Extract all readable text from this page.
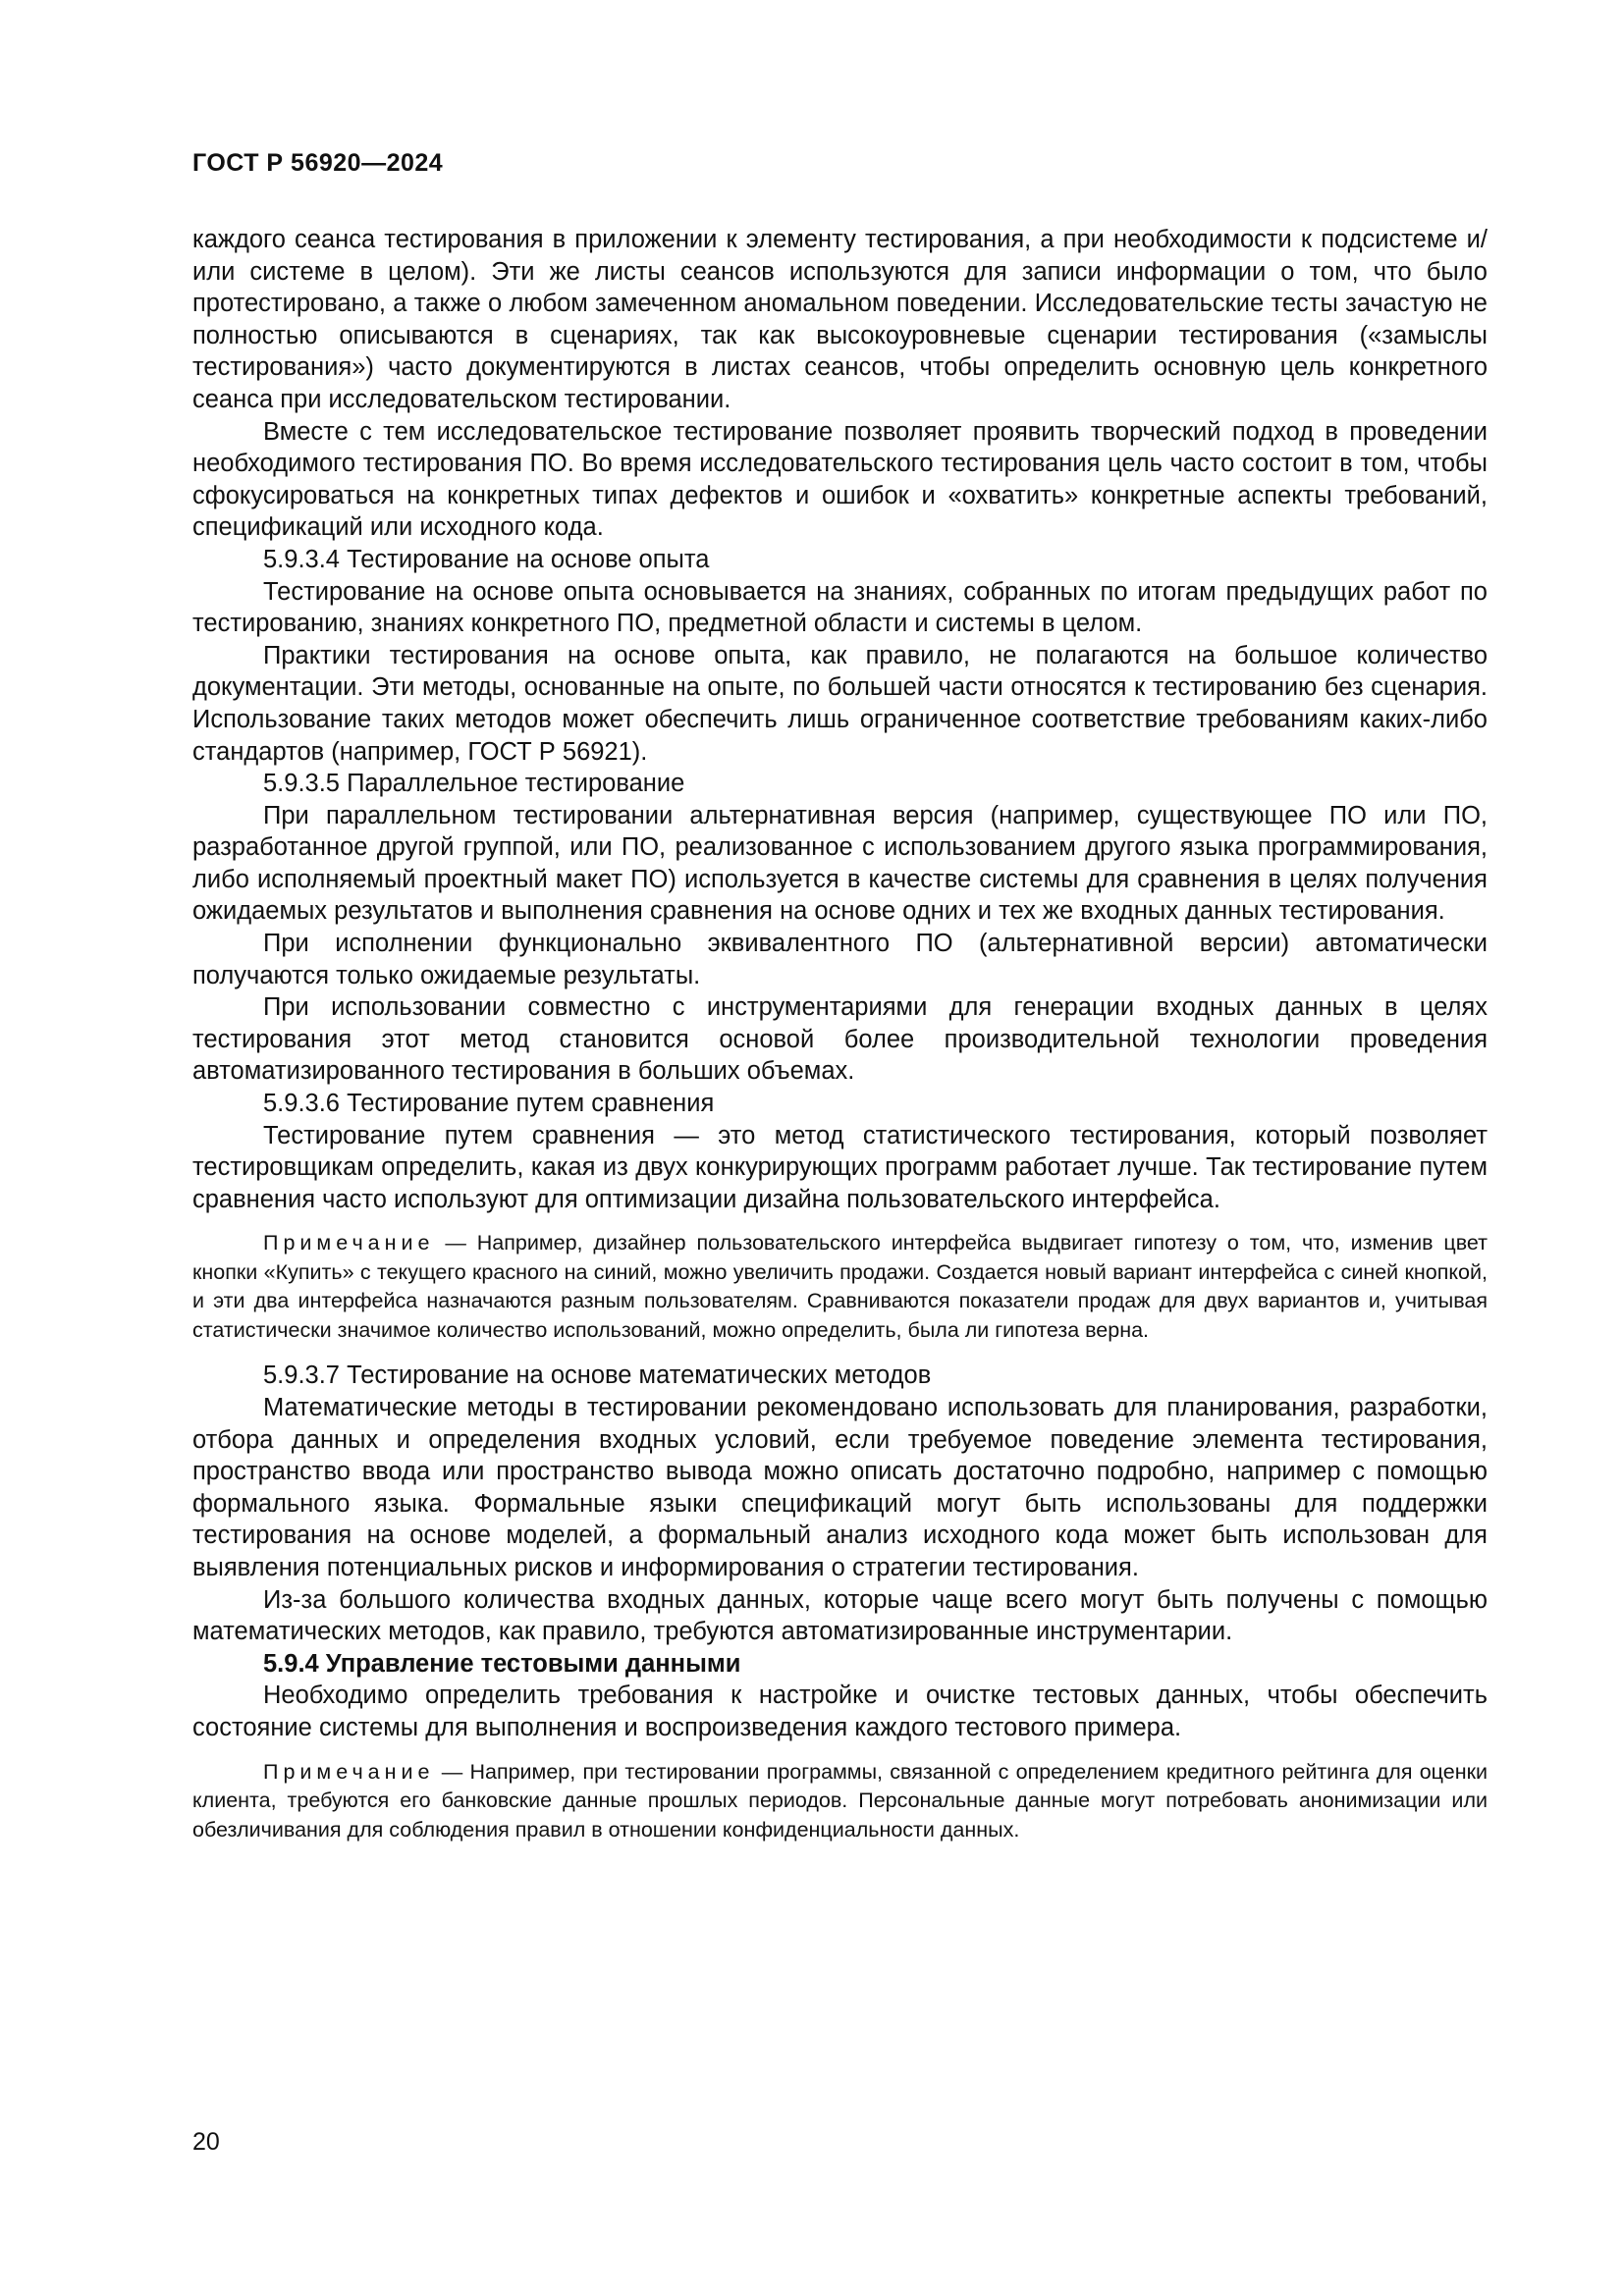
ГОСТ Р 56920—2024

каждого сеанса тестирования в приложении к элементу тестирования, а при необходимости к подсистеме и/или системе в целом). Эти же листы сеансов используются для записи информации о том, что было протестировано, а также о любом замеченном аномальном поведении. Исследовательские тесты зачастую не полностью описываются в сценариях, так как высокоуровневые сценарии тестирования («замыслы тестирования») часто документируются в листах сеансов, чтобы определить основную цель конкретного сеанса при исследовательском тестировании.

Вместе с тем исследовательское тестирование позволяет проявить творческий подход в проведении необходимого тестирования ПО. Во время исследовательского тестирования цель часто состоит в том, чтобы сфокусироваться на конкретных типах дефектов и ошибок и «охватить» конкретные аспекты требований, спецификаций или исходного кода.

5.9.3.4 Тестирование на основе опыта

Тестирование на основе опыта основывается на знаниях, собранных по итогам предыдущих работ по тестированию, знаниях конкретного ПО, предметной области и системы в целом.

Практики тестирования на основе опыта, как правило, не полагаются на большое количество документации. Эти методы, основанные на опыте, по большей части относятся к тестированию без сценария. Использование таких методов может обеспечить лишь ограниченное соответствие требованиям каких-либо стандартов (например, ГОСТ Р 56921).

5.9.3.5 Параллельное тестирование

При параллельном тестировании альтернативная версия (например, существующее ПО или ПО, разработанное другой группой, или ПО, реализованное с использованием другого языка программирования, либо исполняемый проектный макет ПО) используется в качестве системы для сравнения в целях получения ожидаемых результатов и выполнения сравнения на основе одних и тех же входных данных тестирования.

При исполнении функционально эквивалентного ПО (альтернативной версии) автоматически получаются только ожидаемые результаты.

При использовании совместно с инструментариями для генерации входных данных в целях тестирования этот метод становится основой более производительной технологии проведения автоматизированного тестирования в больших объемах.

5.9.3.6 Тестирование путем сравнения

Тестирование путем сравнения — это метод статистического тестирования, который позволяет тестировщикам определить, какая из двух конкурирующих программ работает лучше. Так тестирование путем сравнения часто используют для оптимизации дизайна пользовательского интерфейса.

Примечание — Например, дизайнер пользовательского интерфейса выдвигает гипотезу о том, что, изменив цвет кнопки «Купить» с текущего красного на синий, можно увеличить продажи. Создается новый вариант интерфейса с синей кнопкой, и эти два интерфейса назначаются разным пользователям. Сравниваются показатели продаж для двух вариантов и, учитывая статистически значимое количество использований, можно определить, была ли гипотеза верна.

5.9.3.7 Тестирование на основе математических методов

Математические методы в тестировании рекомендовано использовать для планирования, разработки, отбора данных и определения входных условий, если требуемое поведение элемента тестирования, пространство ввода или пространство вывода можно описать достаточно подробно, например с помощью формального языка. Формальные языки спецификаций могут быть использованы для поддержки тестирования на основе моделей, а формальный анализ исходного кода может быть использован для выявления потенциальных рисков и информирования о стратегии тестирования.

Из-за большого количества входных данных, которые чаще всего могут быть получены с помощью математических методов, как правило, требуются автоматизированные инструментарии.

5.9.4 Управление тестовыми данными

Необходимо определить требования к настройке и очистке тестовых данных, чтобы обеспечить состояние системы для выполнения и воспроизведения каждого тестового примера.

Примечание — Например, при тестировании программы, связанной с определением кредитного рейтинга для оценки клиента, требуются его банковские данные прошлых периодов. Персональные данные могут потребовать анонимизации или обезличивания для соблюдения правил в отношении конфиденциальности данных.

20
